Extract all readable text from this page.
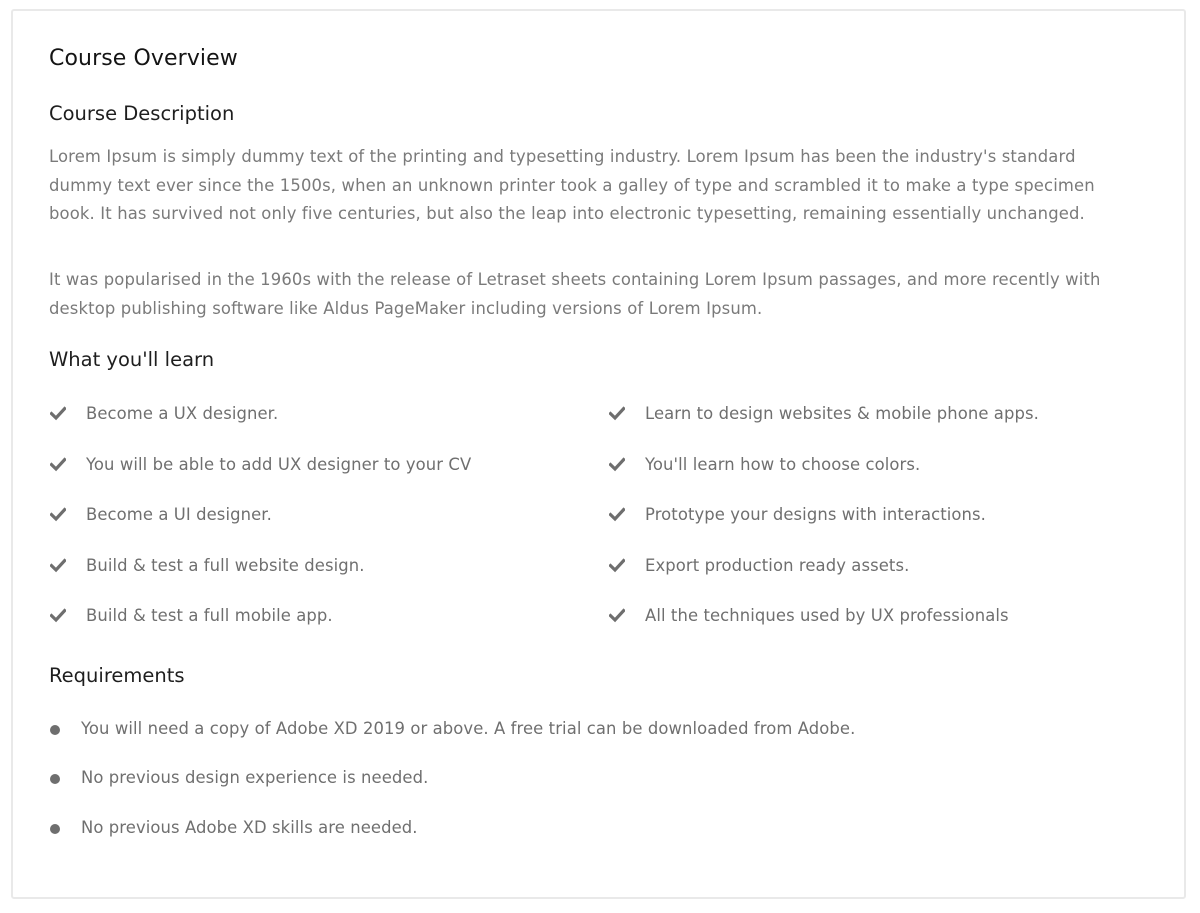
Course Overview
Course Description

Lorem Ipsum is simply dummy text of the printing and typesetting industry. Lorem Ipsum has been the industry's standard dummy text ever since the 1500s, when an unknown printer took a galley of type and scrambled it to make a type specimen book. It has survived not only five centuries, but also the leap into electronic typesetting, remaining essentially unchanged.

It was popularised in the 1960s with the release of Letraset sheets containing Lorem Ipsum passages, and more recently with desktop publishing software like Aldus PageMaker including versions of Lorem Ipsum.

What you'll learn
Become a UX designer.
You will be able to add UX designer to your CV
Become a UI designer.
Build & test a full website design.
Build & test a full mobile app.
Learn to design websites & mobile phone apps.
You'll learn how to choose colors.
Prototype your designs with interactions.
Export production ready assets.
All the techniques used by UX professionals
Requirements
You will need a copy of Adobe XD 2019 or above. A free trial can be downloaded from Adobe.
No previous design experience is needed.
No previous Adobe XD skills are needed.
